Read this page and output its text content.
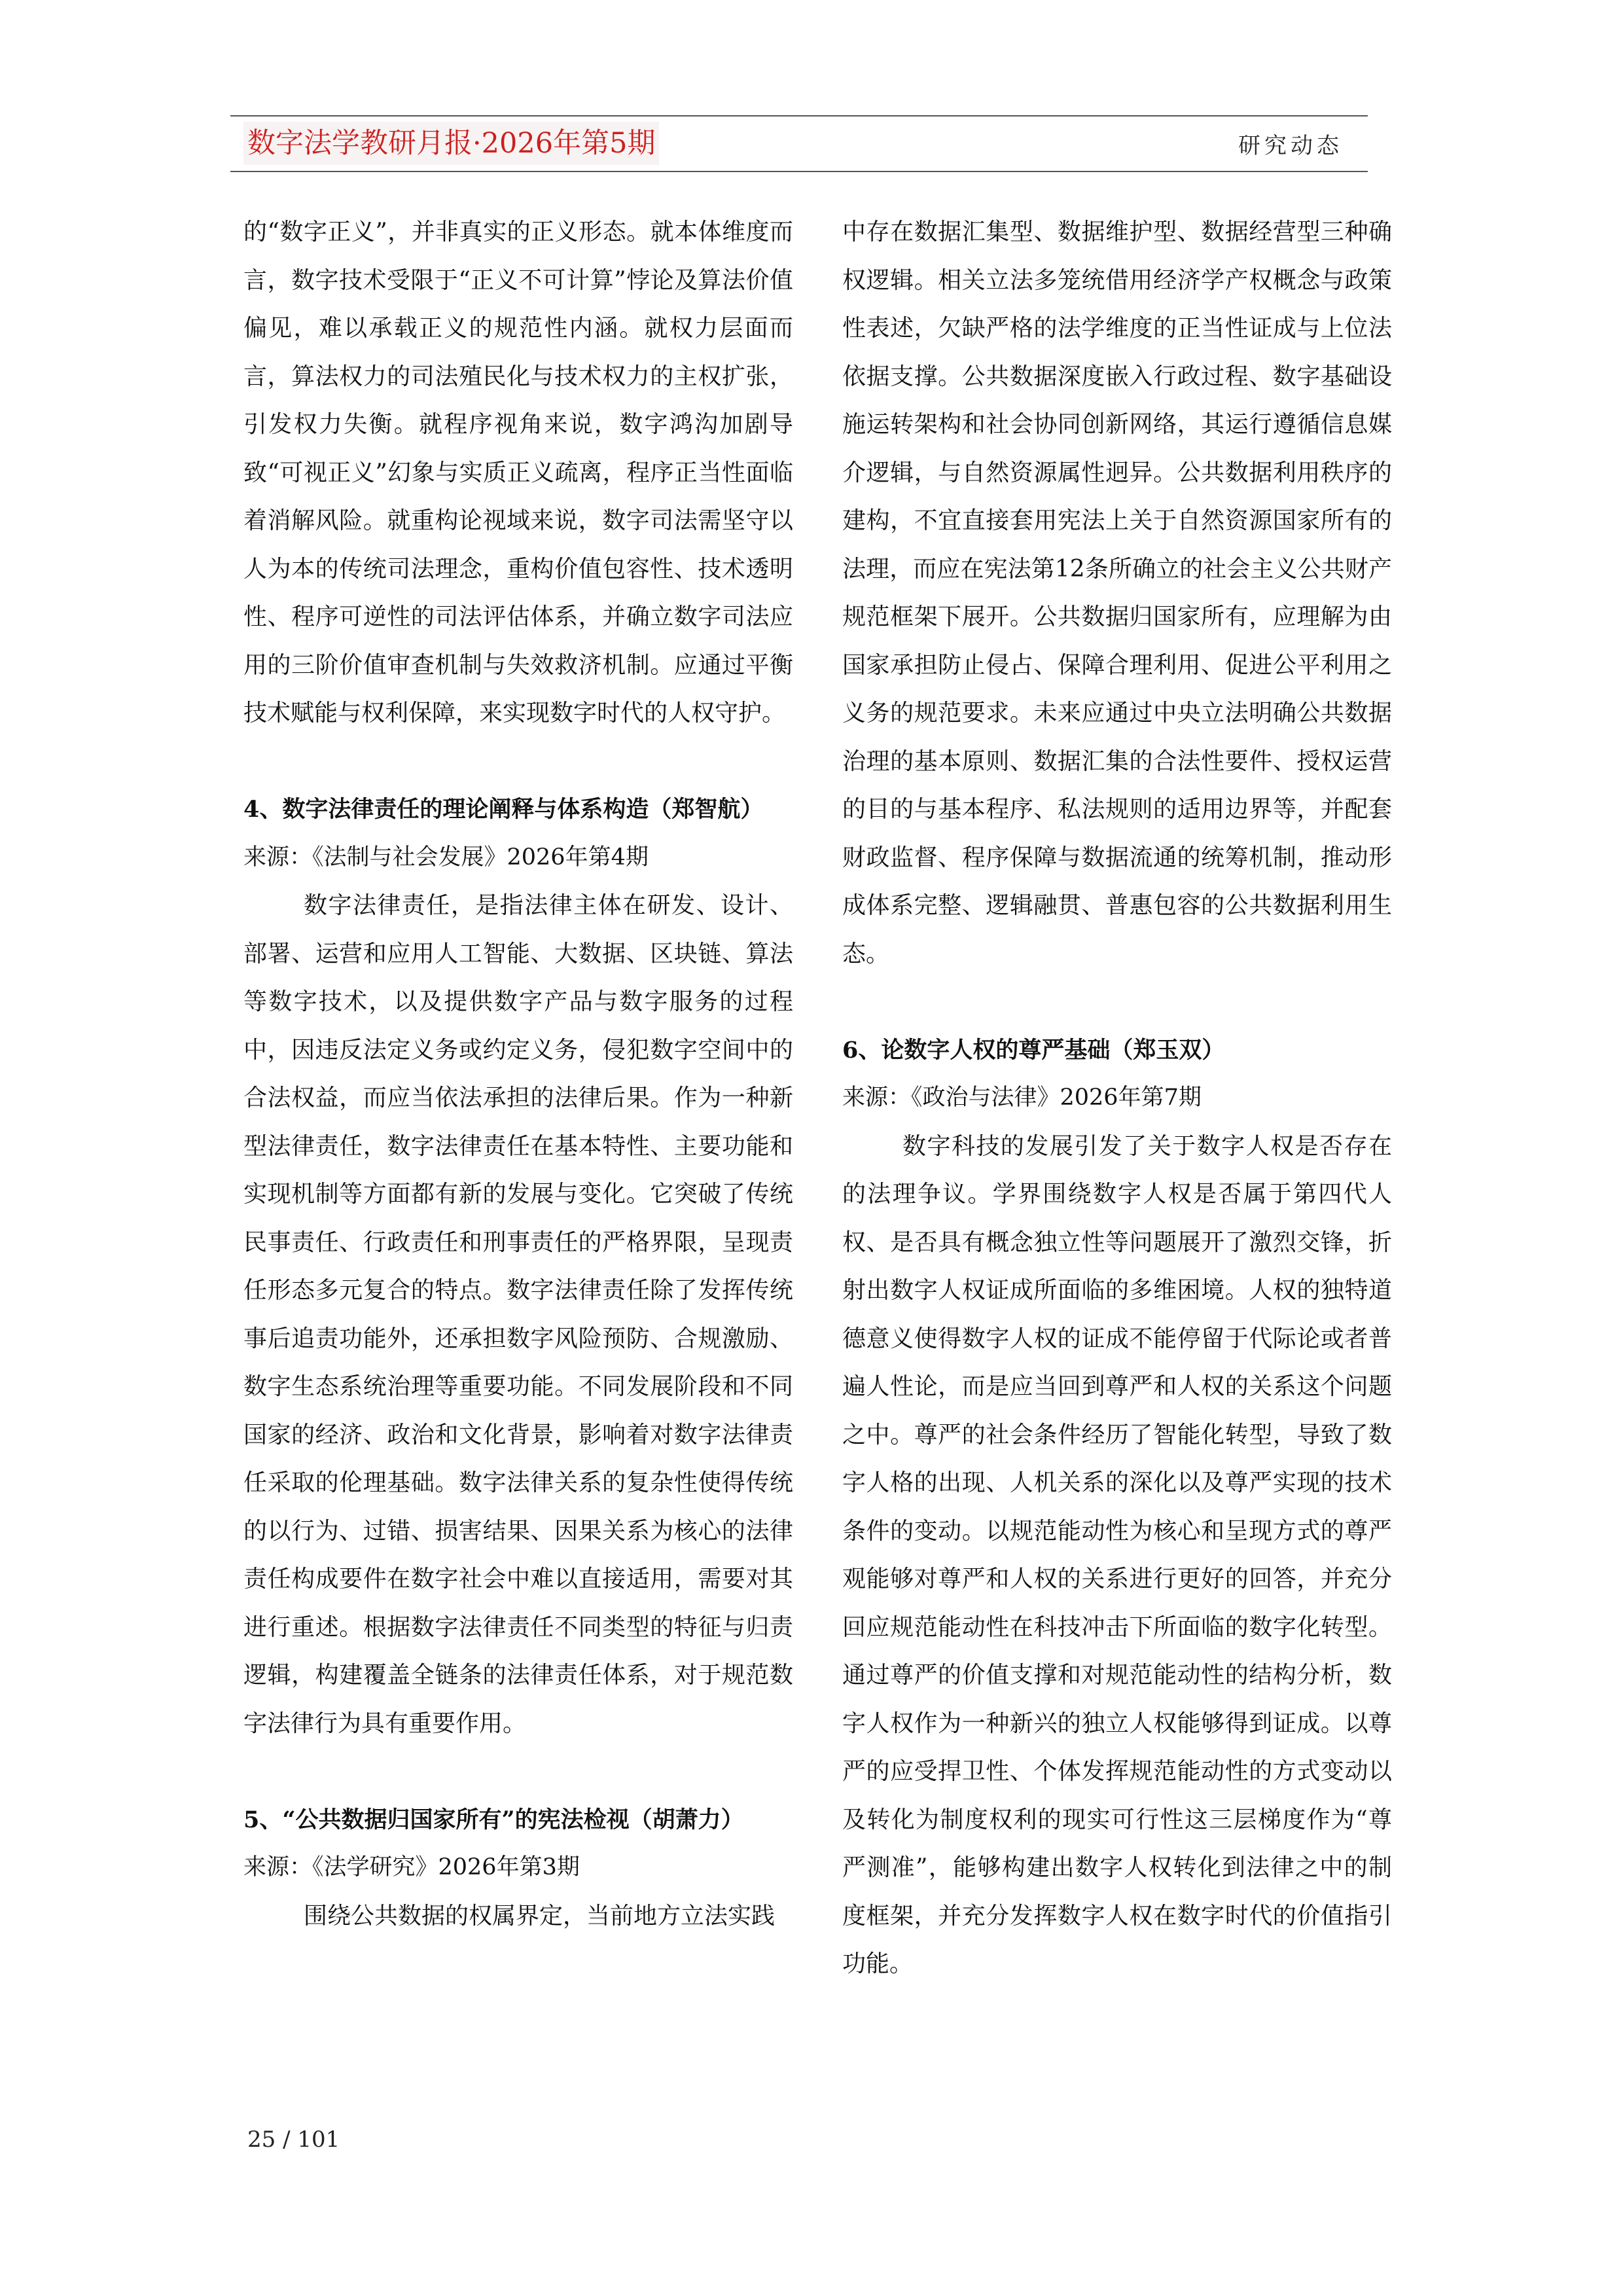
数字法学教研月报·2026年第5期	研究动态

的“数字正义”，并非真实的正义形态。就本体维度而言，数字技术受限于“正义不可计算”悖论及算法价值偏见，难以承载正义的规范性内涵。就权力层面而言，算法权力的司法殖民化与技术权力的主权扩张，引发权力失衡。就程序视角来说，数字鸿沟加剧导致“可视正义”幻象与实质正义疏离，程序正当性面临着消解风险。就重构论视域来说，数字司法需坚守以人为本的传统司法理念，重构价值包容性、技术透明性、程序可逆性的司法评估体系，并确立数字司法应用的三阶价值审查机制与失效救济机制。应通过平衡技术赋能与权利保障，来实现数字时代的人权守护。

4、数字法律责任的理论阐释与体系构造（郑智航）

来源：《法制与社会发展》2026年第4期

数字法律责任，是指法律主体在研发、设计、部署、运营和应用人工智能、大数据、区块链、算法等数字技术，以及提供数字产品与数字服务的过程中，因违反法定义务或约定义务，侵犯数字空间中的合法权益，而应当依法承担的法律后果。作为一种新型法律责任，数字法律责任在基本特性、主要功能和实现机制等方面都有新的发展与变化。它突破了传统民事责任、行政责任和刑事责任的严格界限，呈现责任形态多元复合的特点。数字法律责任除了发挥传统事后追责功能外，还承担数字风险预防、合规激励、数字生态系统治理等重要功能。不同发展阶段和不同国家的经济、政治和文化背景，影响着对数字法律责任采取的伦理基础。数字法律关系的复杂性使得传统的以行为、过错、损害结果、因果关系为核心的法律责任构成要件在数字社会中难以直接适用，需要对其进行重述。根据数字法律责任不同类型的特征与归责逻辑，构建覆盖全链条的法律责任体系，对于规范数字法律行为具有重要作用。

5、“公共数据归国家所有”的宪法检视（胡萧力）

来源：《法学研究》2026年第3期

围绕公共数据的权属界定，当前地方立法实践

中存在数据汇集型、数据维护型、数据经营型三种确权逻辑。相关立法多笼统借用经济学产权概念与政策性表述，欠缺严格的法学维度的正当性证成与上位法依据支撑。公共数据深度嵌入行政过程、数字基础设施运转架构和社会协同创新网络，其运行遵循信息媒介逻辑，与自然资源属性迥异。公共数据利用秩序的建构，不宜直接套用宪法上关于自然资源国家所有的法理，而应在宪法第12条所确立的社会主义公共财产规范框架下展开。公共数据归国家所有，应理解为由国家承担防止侵占、保障合理利用、促进公平利用之义务的规范要求。未来应通过中央立法明确公共数据治理的基本原则、数据汇集的合法性要件、授权运营的目的与基本程序、私法规则的适用边界等，并配套财政监督、程序保障与数据流通的统筹机制，推动形成体系完整、逻辑融贯、普惠包容的公共数据利用生态。

6、论数字人权的尊严基础（郑玉双）

来源：《政治与法律》2026年第7期

数字科技的发展引发了关于数字人权是否存在的法理争议。学界围绕数字人权是否属于第四代人权、是否具有概念独立性等问题展开了激烈交锋，折射出数字人权证成所面临的多维困境。人权的独特道德意义使得数字人权的证成不能停留于代际论或者普遍人性论，而是应当回到尊严和人权的关系这个问题之中。尊严的社会条件经历了智能化转型，导致了数字人格的出现、人机关系的深化以及尊严实现的技术条件的变动。以规范能动性为核心和呈现方式的尊严观能够对尊严和人权的关系进行更好的回答，并充分回应规范能动性在科技冲击下所面临的数字化转型。通过尊严的价值支撑和对规范能动性的结构分析，数字人权作为一种新兴的独立人权能够得到证成。以尊严的应受捍卫性、个体发挥规范能动性的方式变动以及转化为制度权利的现实可行性这三层梯度作为“尊严测准”，能够构建出数字人权转化到法律之中的制度框架，并充分发挥数字人权在数字时代的价值指引功能。

25 / 101
